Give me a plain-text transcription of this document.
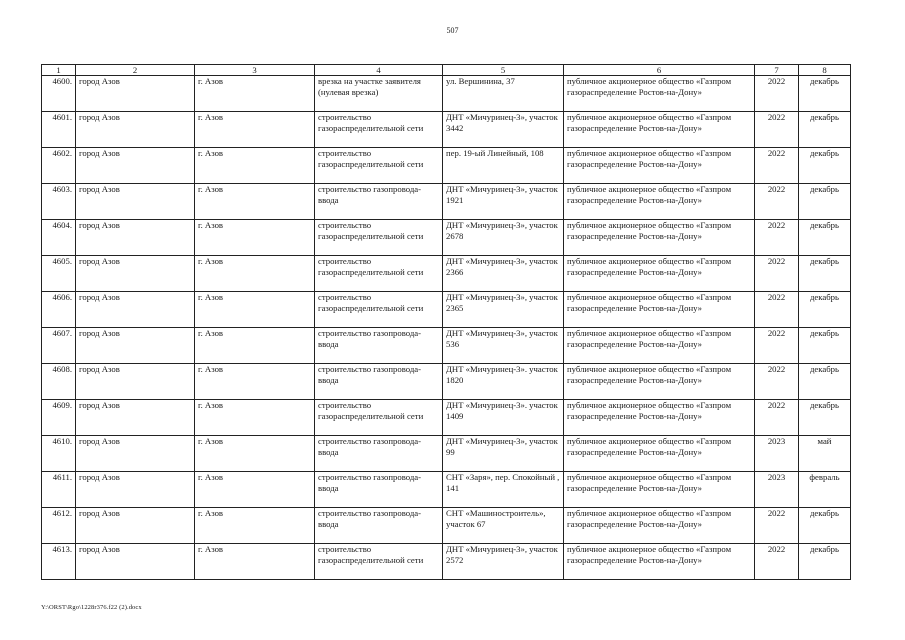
507
1	2	3	4	5	6	7	8
4600.	город Азов	г. Азов	врезка на участке заявителя (нулевая врезка)	ул. Вершинина, 37	публичное акционерное общество «Газпром газораспределение Ростов-на-Дону»	2022	декабрь
4601.	город Азов	г. Азов	строительство газораспределительной сети	ДНТ «Мичуринец-3», участок 3442	публичное акционерное общество «Газпром газораспределение Ростов-на-Дону»	2022	декабрь
4602.	город Азов	г. Азов	строительство газораспределительной сети	пер. 19-ый Линейный, 108	публичное акционерное общество «Газпром газораспределение Ростов-на-Дону»	2022	декабрь
4603.	город Азов	г. Азов	строительство газопровода-ввода	ДНТ «Мичуринец-3», участок 1921	публичное акционерное общество «Газпром газораспределение Ростов-на-Дону»	2022	декабрь
4604.	город Азов	г. Азов	строительство газораспределительной сети	ДНТ «Мичуринец-3», участок 2678	публичное акционерное общество «Газпром газораспределение Ростов-на-Дону»	2022	декабрь
4605.	город Азов	г. Азов	строительство газораспределительной сети	ДНТ «Мичуринец-3», участок 2366	публичное акционерное общество «Газпром газораспределение Ростов-на-Дону»	2022	декабрь
4606.	город Азов	г. Азов	строительство газораспределительной сети	ДНТ «Мичуринец-3», участок 2365	публичное акционерное общество «Газпром газораспределение Ростов-на-Дону»	2022	декабрь
4607.	город Азов	г. Азов	строительство газопровода-ввода	ДНТ «Мичуринец-3», участок 536	публичное акционерное общество «Газпром газораспределение Ростов-на-Дону»	2022	декабрь
4608.	город Азов	г. Азов	строительство газопровода-ввода	ДНТ «Мичуринец-3». участок 1820	публичное акционерное общество «Газпром газораспределение Ростов-на-Дону»	2022	декабрь
4609.	город Азов	г. Азов	строительство газораспределительной сети	ДНТ «Мичуринец-3». участок 1409	публичное акционерное общество «Газпром газораспределение Ростов-на-Дону»	2022	декабрь
4610.	город Азов	г. Азов	строительство газопровода-ввода	ДНТ «Мичуринец-3», участок 99	публичное акционерное общество «Газпром газораспределение Ростов-на-Дону»	2023	май
4611.	город Азов	г. Азов	строительство газопровода-ввода	СНТ «Заря», пер. Спокойный , 141	публичное акционерное общество «Газпром газораспределение Ростов-на-Дону»	2023	февраль
4612.	город Азов	г. Азов	строительство газопровода-ввода	СНТ «Машиностроитель», участок 67	публичное акционерное общество «Газпром газораспределение Ростов-на-Дону»	2022	декабрь
4613.	город Азов	г. Азов	строительство газораспределительной сети	ДНТ «Мичуринец-3», участок 2572	публичное акционерное общество «Газпром газораспределение Ростов-на-Дону»	2022	декабрь
Y:\ORST\Rgo\1228r376.f22 (2).docx
